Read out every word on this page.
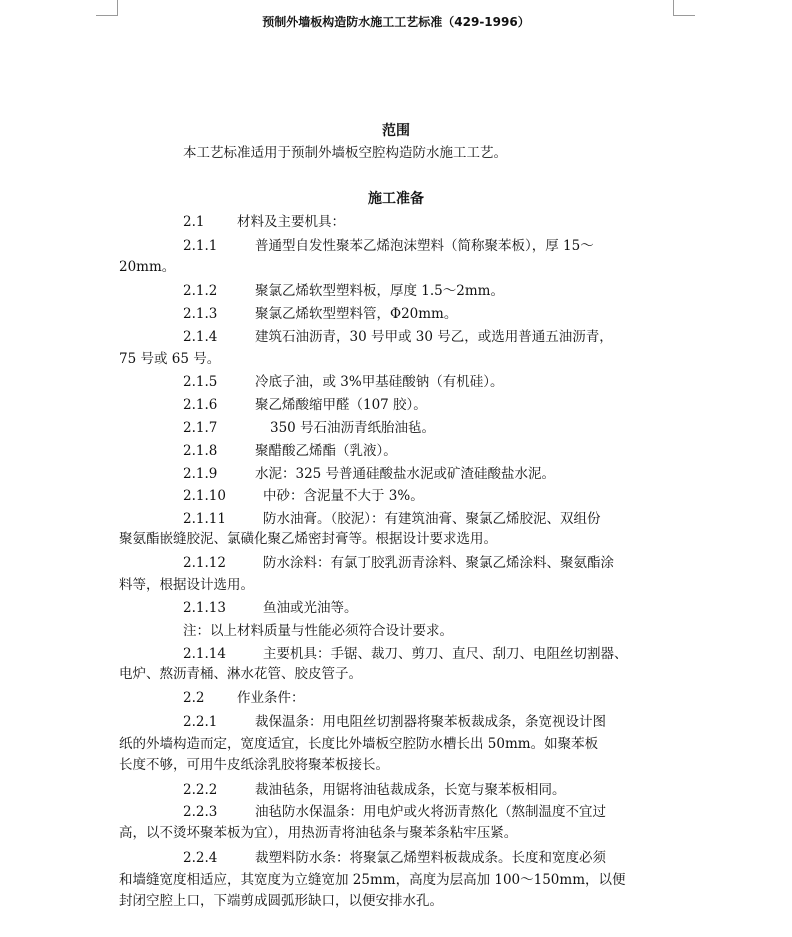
预制外墙板构造防水施工工艺标准（429-1996）
范围
本工艺标准适用于预制外墙板空腔构造防水施工工艺。
施工准备
2.1 材料及主要机具：
2.1.1	普通型自发性聚苯乙烯泡沫塑料（简称聚苯板），厚 15～
20mm。
2.1.2	聚氯乙烯软型塑料板，厚度 1.5～2mm。
2.1.3	聚氯乙烯软型塑料管，Φ20mm。
2.1.4	建筑石油沥青，30 号甲或 30 号乙，或选用普通五油沥青，
75 号或 65 号。
2.1.5	冷底子油，或 3%甲基硅酸钠（有机硅）。
2.1.6	聚乙烯酸缩甲醛（107 胶）。
2.1.7	350 号石油沥青纸胎油毡。
2.1.8	聚醋酸乙烯酯（乳液）。
2.1.9	水泥：325 号普通硅酸盐水泥或矿渣硅酸盐水泥。
2.1.10	中砂：含泥量不大于 3%。
2.1.11	防水油膏。（胶泥）：有建筑油膏、聚氯乙烯胶泥、双组份
聚氨酯嵌缝胶泥、氯磺化聚乙烯密封膏等。根据设计要求选用。
2.1.12	防水涂料：有氯丁胶乳沥青涂料、聚氯乙烯涂料、聚氨酯涂
料等，根据设计选用。
2.1.13	鱼油或光油等。
注：以上材料质量与性能必须符合设计要求。
2.1.14	主要机具：手锯、裁刀、剪刀、直尺、刮刀、电阻丝切割器、
电炉、熬沥青桶、淋水花管、胶皮管子。
2.2 作业条件：
2.2.1	裁保温条：用电阻丝切割器将聚苯板裁成条，条宽视设计图
纸的外墙构造而定，宽度适宜，长度比外墙板空腔防水槽长出 50mm。如聚苯板
长度不够，可用牛皮纸涂乳胶将聚苯板接长。
2.2.2	裁油毡条，用锯将油毡裁成条，长宽与聚苯板相同。
2.2.3	油毡防水保温条：用电炉或火将沥青熬化（熬制温度不宜过
高，以不烫坏聚苯板为宜），用热沥青将油毡条与聚苯条粘牢压紧。
2.2.4	裁塑料防水条：将聚氯乙烯塑料板裁成条。长度和宽度必须
和墙缝宽度相适应，其宽度为立缝宽加 25mm，高度为层高加 100～150mm，以便
封闭空腔上口，下端剪成圆弧形缺口，以便安排水孔。
